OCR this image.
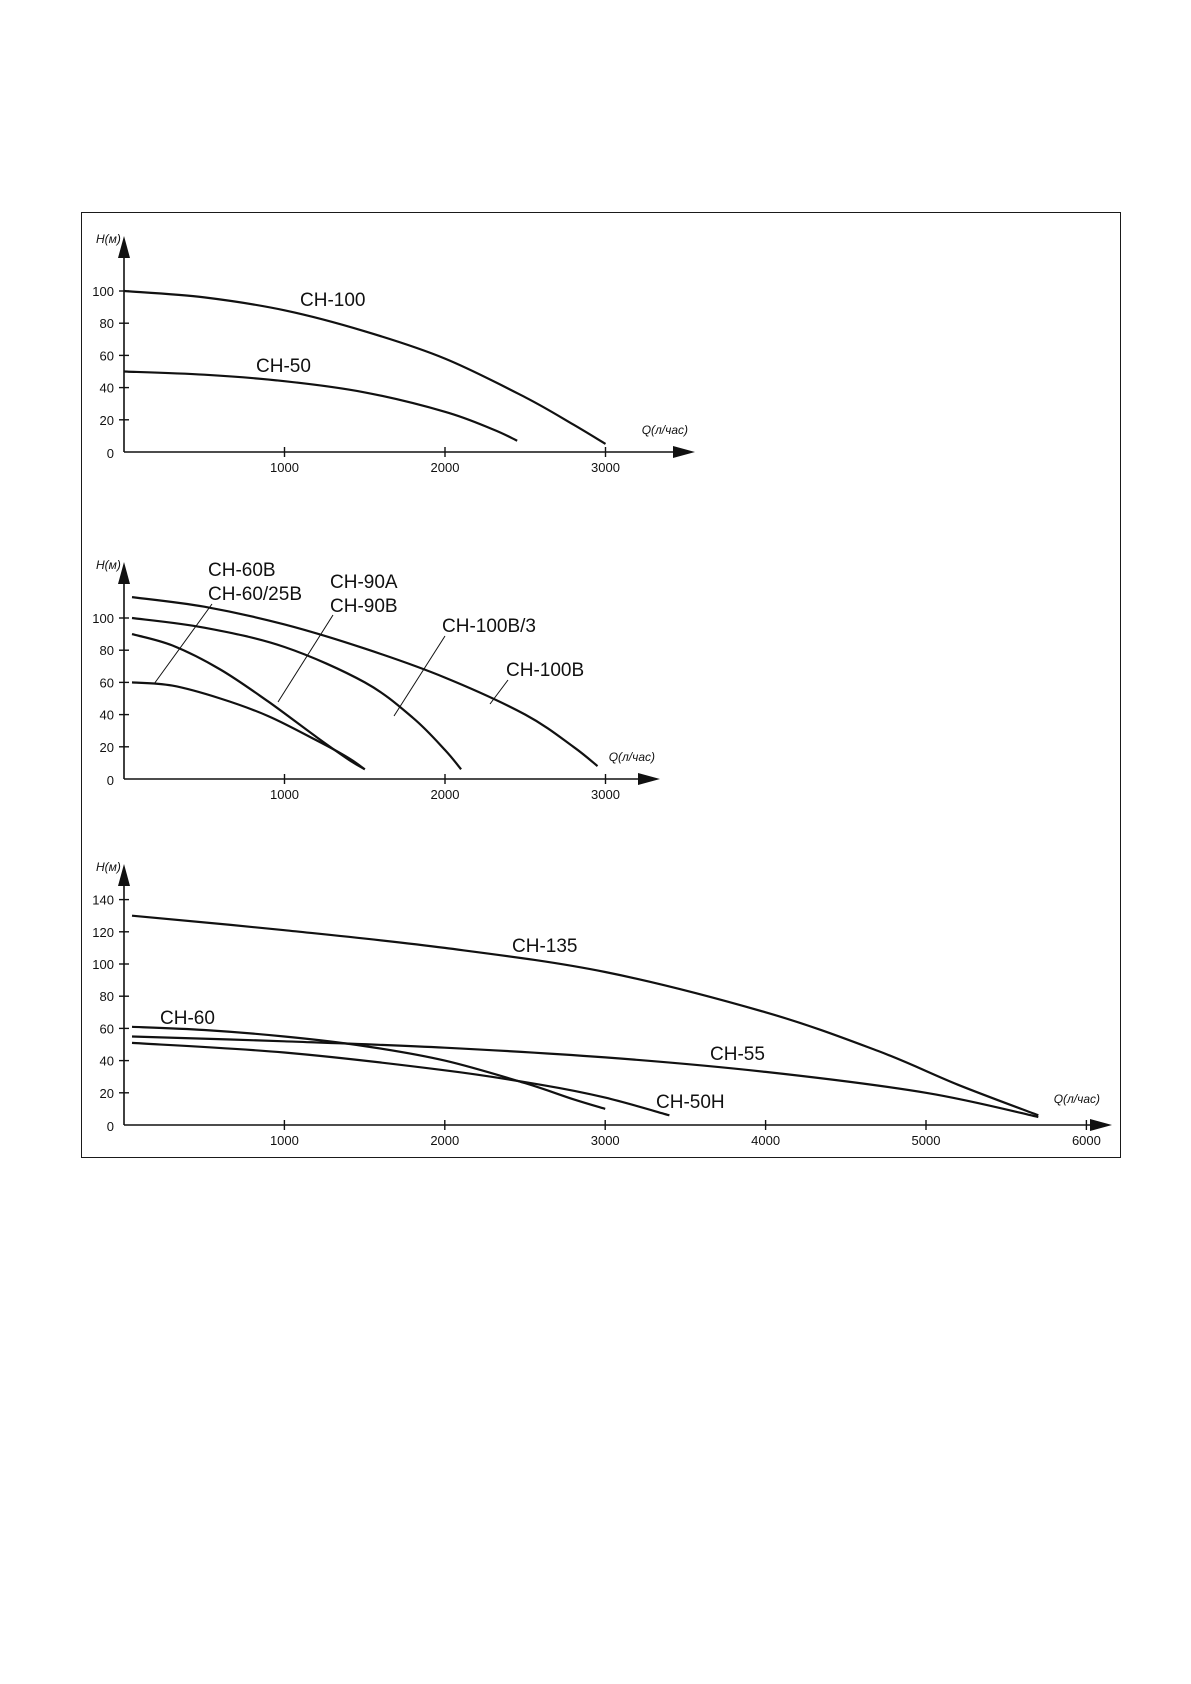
H(м)
Q(л/час)
0
1000	2000	3000
20
40
60
80
100	CH-100
CH-50
H(м)
Q(л/час)
0
1000	2000	3000
20
40
60
80
100
CH-60B
CH-60/25B
CH-90A
CH-90B
CH-100B/3
CH-100B
H(м)
Q(л/час)
0
1000	2000	3000	4000	5000	6000
20
40
60
80
100
120
140
CH-135
CH-55
CH-60
CH-50H
